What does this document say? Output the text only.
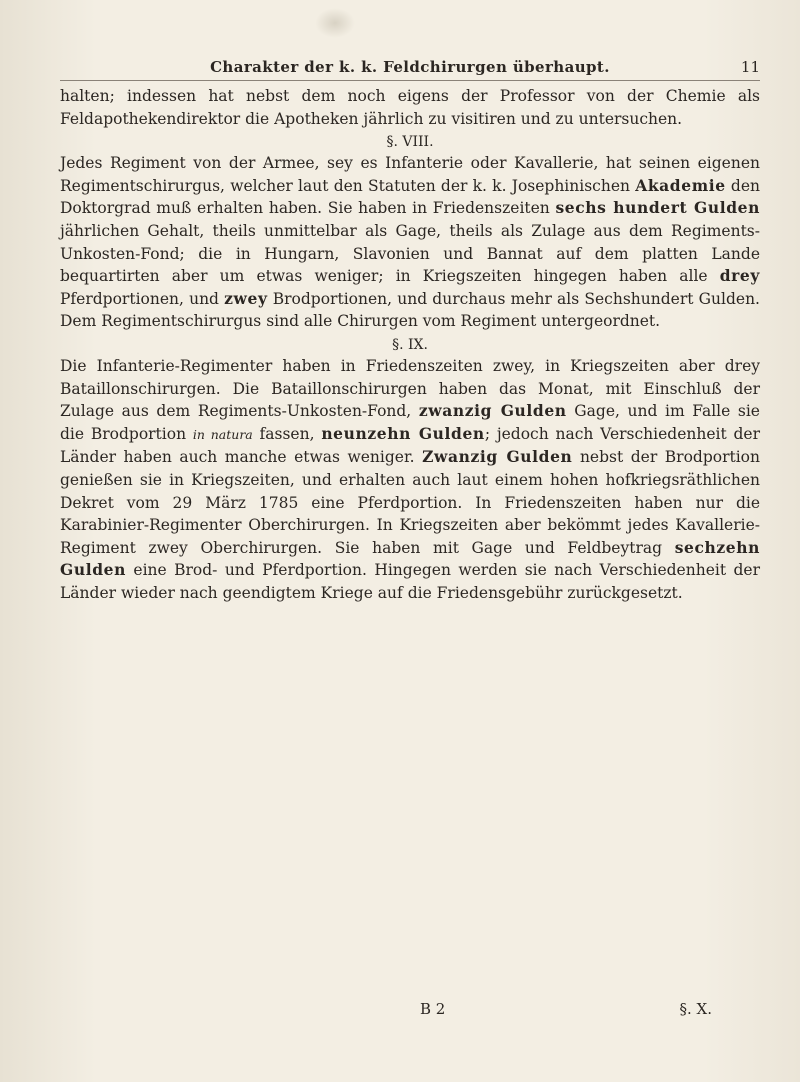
Charakter der k. k. Feldchirurgen überhaupt.	11

halten; indessen hat nebst dem noch eigens der Professor von der Chemie als Feldapothekendirektor die Apotheken jährlich zu visitiren und zu untersuchen.

§. VIII.

Jedes Regiment von der Armee, sey es Infanterie oder Kavallerie, hat seinen eigenen Regimentschirurgus, welcher laut den Statuten der k. k. Josephinischen Akademie den Doktorgrad muß erhalten haben. Sie haben in Friedenszeiten sechs hundert Gulden jährlichen Gehalt, theils unmittelbar als Gage, theils als Zulage aus dem Regiments-Unkosten-Fond; die in Hungarn, Slavonien und Bannat auf dem platten Lande bequartirten aber um etwas weniger; in Kriegszeiten hingegen haben alle drey Pferdportionen, und zwey Brodportionen, und durchaus mehr als Sechshundert Gulden. Dem Regimentschirurgus sind alle Chirurgen vom Regiment untergeordnet.

§. IX.

Die Infanterie-Regimenter haben in Friedenszeiten zwey, in Kriegszeiten aber drey Bataillonschirurgen. Die Bataillonschirurgen haben das Monat, mit Einschluß der Zulage aus dem Regiments-Unkosten-Fond, zwanzig Gulden Gage, und im Falle sie die Brodportion in natura fassen, neunzehn Gulden; jedoch nach Verschiedenheit der Länder haben auch manche etwas weniger. Zwanzig Gulden nebst der Brodportion genießen sie in Kriegszeiten, und erhalten auch laut einem hohen hofkriegsräthlichen Dekret vom 29 März 1785 eine Pferdportion. In Friedenszeiten haben nur die Karabinier-Regimenter Oberchirurgen. In Kriegszeiten aber bekömmt jedes Kavallerie-Regiment zwey Oberchirurgen. Sie haben mit Gage und Feldbeytrag sechzehn Gulden eine Brod- und Pferdportion. Hingegen werden sie nach Verschiedenheit der Länder wieder nach geendigtem Kriege auf die Friedensgebühr zurückgesetzt.

B 2	§. X.
